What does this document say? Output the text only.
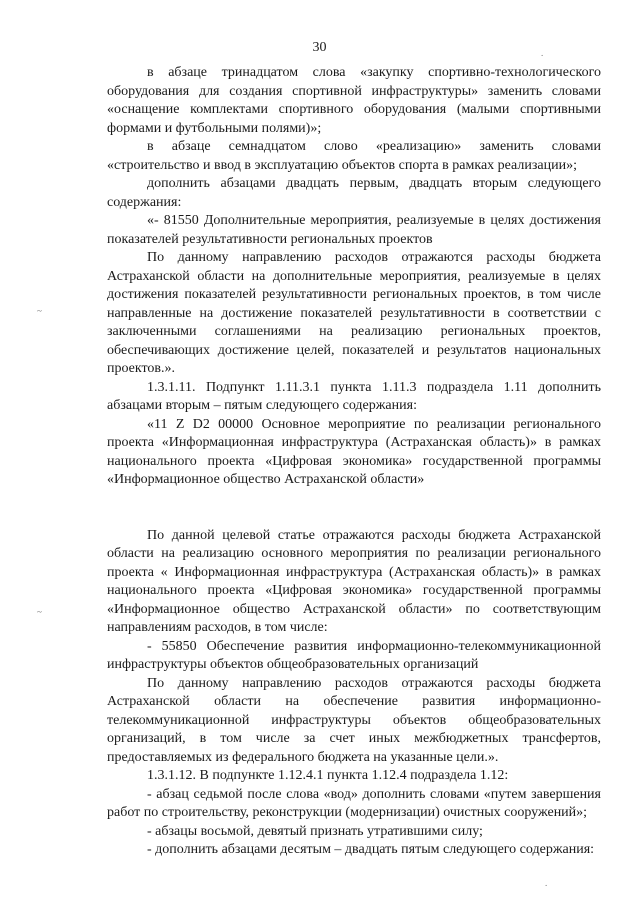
30
~
~
.
.

в абзаце тринадцатом слова «закупку спортивно-технологического оборудования для создания спортивной инфраструктуры» заменить словами «оснащение комплектами спортивного оборудования (малыми спортивными формами и футбольными полями)»;

в абзаце семнадцатом слово «реализацию» заменить словами «строительство и ввод в эксплуатацию объектов спорта в рамках реализации»;

дополнить абзацами двадцать первым, двадцать вторым следующего содержания:

«- 81550 Дополнительные мероприятия, реализуемые в целях достижения показателей результативности региональных проектов

По данному направлению расходов отражаются расходы бюджета Астраханской области на дополнительные мероприятия, реализуемые в целях достижения показателей результативности региональных проектов, в том числе направленные на достижение показателей результативности в соответствии с заключенными соглашениями на реализацию региональных проектов, обеспечивающих достижение целей, показателей и результатов национальных проектов.».

1.3.1.11. Подпункт 1.11.3.1 пункта 1.11.3 подраздела 1.11 дополнить абзацами вторым – пятым следующего содержания:

«11 Z D2 00000 Основное мероприятие по реализации регионального проекта «Информационная инфраструктура (Астраханская область)» в рамках национального проекта «Цифровая экономика» государственной программы «Информационное общество Астраханской области»

По данной целевой статье отражаются расходы бюджета Астраханской области на реализацию основного мероприятия по реализации регионального проекта « Информационная инфраструктура (Астраханская область)» в рамках национального проекта «Цифровая экономика» государственной программы «Информационное общество Астраханской области» по соответствующим направлениям расходов, в том числе:

- 55850 Обеспечение развития информационно-телекоммуникационной инфраструктуры объектов общеобразовательных организаций

По данному направлению расходов отражаются расходы бюджета Астраханской области на обеспечение развития информационно-телекоммуникационной инфраструктуры объектов общеобразовательных организаций, в том числе за счет иных межбюджетных трансфертов, предоставляемых из федерального бюджета на указанные цели.».

1.3.1.12. В подпункте 1.12.4.1 пункта 1.12.4 подраздела 1.12:

- абзац седьмой после слова «вод» дополнить словами «путем завершения работ по строительству, реконструкции (модернизации) очистных сооружений»;

- абзацы восьмой, девятый признать утратившими силу;

- дополнить абзацами десятым – двадцать пятым следующего содержания:
